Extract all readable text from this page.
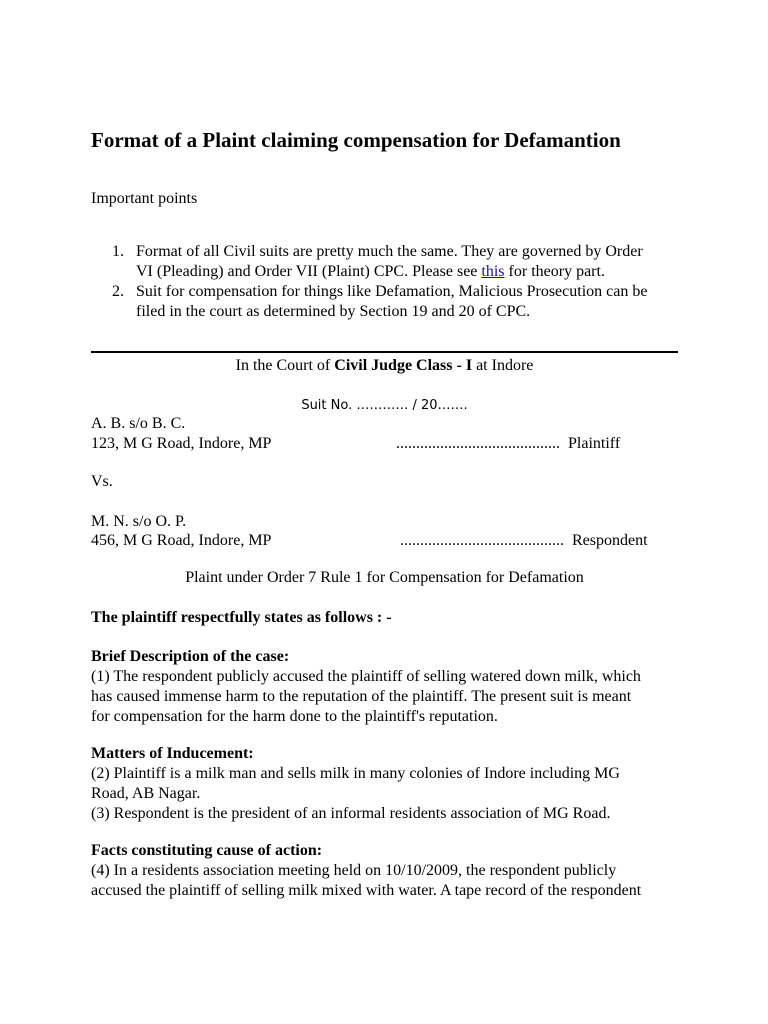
Format of a Plaint claiming compensation for Defamantion
Important points
1. Format of all Civil suits are pretty much the same. They are governed by Order
VI (Pleading) and Order VII (Plaint) CPC. Please see this for theory part.
2. Suit for compensation for things like Defamation, Malicious Prosecution can be
filed in the court as determined by Section 19 and 20 of CPC.
In the Court of Civil Judge Class - I at Indore
Suit No. ………… / 20…….
A. B. s/o B. C.
123, M G Road, Indore, MP	......................................... Plaintiff
Vs.
M. N. s/o O. P.
456, M G Road, Indore, MP	......................................... Respondent
Plaint under Order 7 Rule 1 for Compensation for Defamation
The plaintiff respectfully states as follows : -
Brief Description of the case:
(1) The respondent publicly accused the plaintiff of selling watered down milk, which
has caused immense harm to the reputation of the plaintiff. The present suit is meant
for compensation for the harm done to the plaintiff's reputation.
Matters of Inducement:
(2) Plaintiff is a milk man and sells milk in many colonies of Indore including MG
Road, AB Nagar.
(3) Respondent is the president of an informal residents association of MG Road.
Facts constituting cause of action:
(4) In a residents association meeting held on 10/10/2009, the respondent publicly
accused the plaintiff of selling milk mixed with water. A tape record of the respondent
